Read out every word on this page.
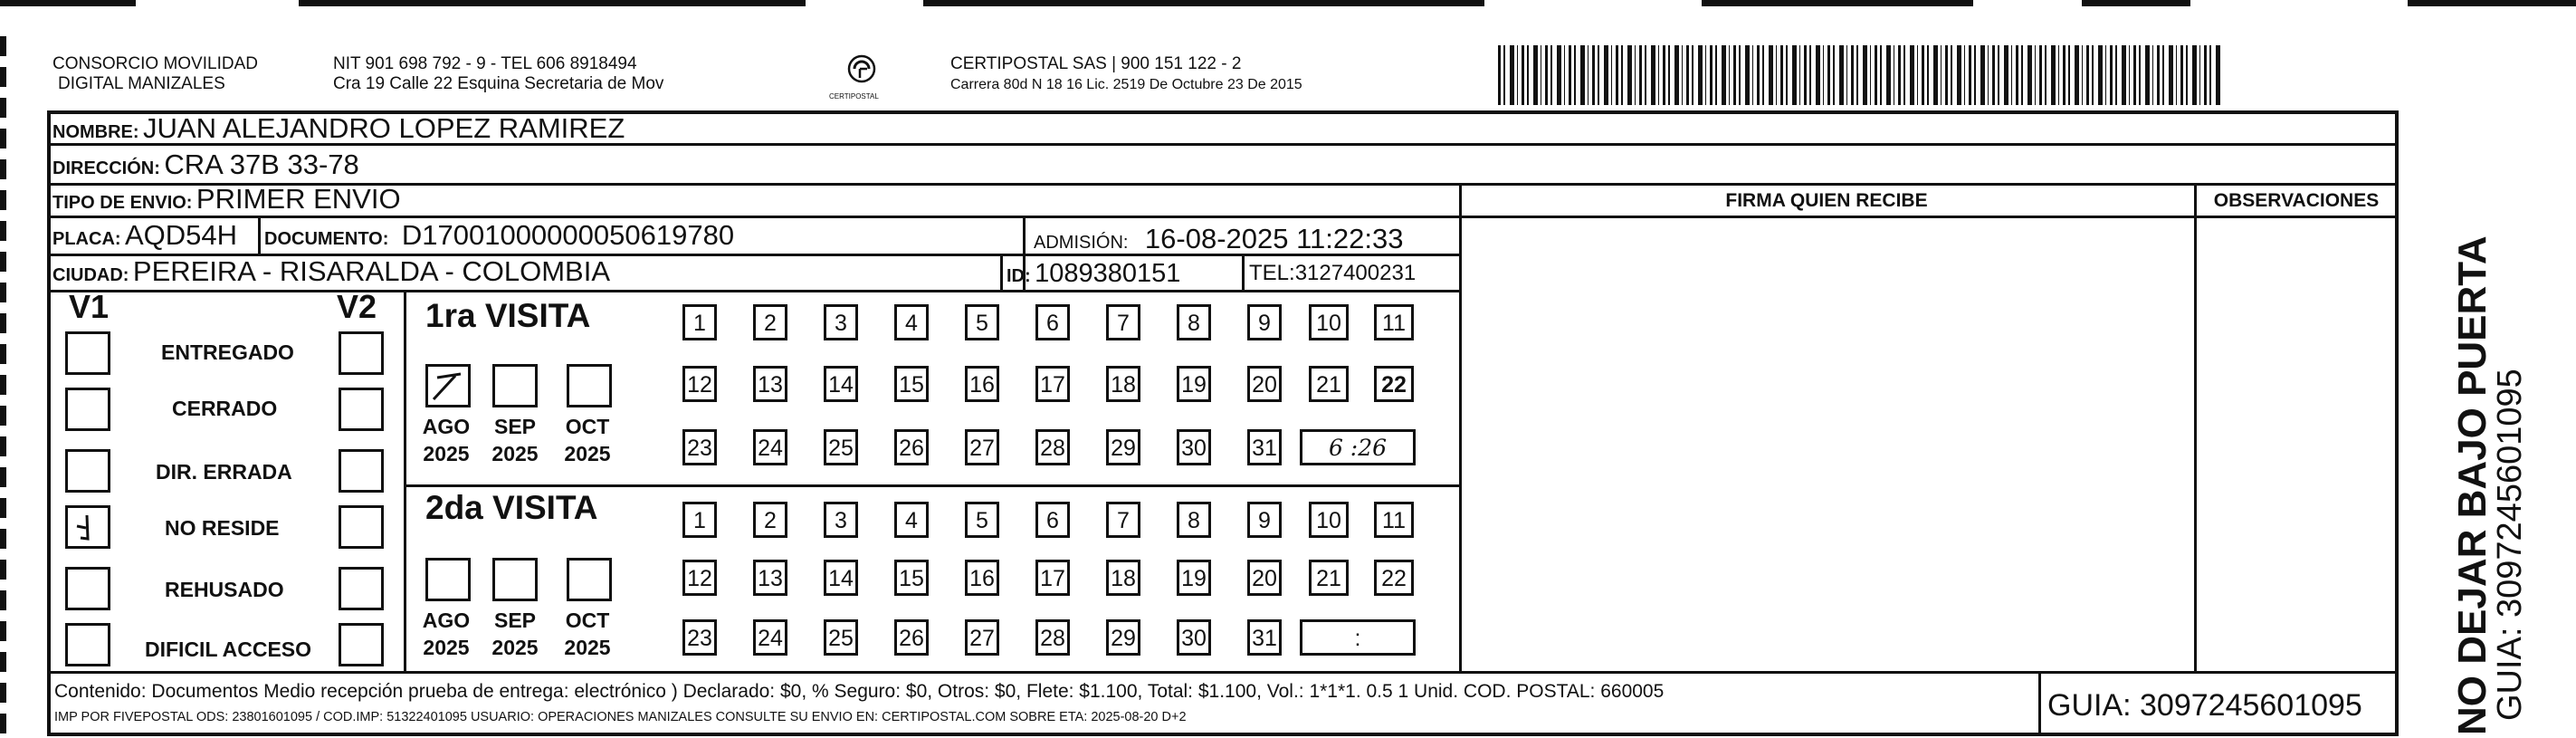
CONSORCIO MOVILIDAD
DIGITAL MANIZALES
NIT 901 698 792 - 9 - TEL 606 8918494
Cra 19 Calle 22 Esquina Secretaria de Mov
CERTIPOSTAL
CERTIPOSTAL SAS | 900 151 122 - 2
Carrera 80d N 18 16 Lic. 2519 De Octubre 23 De 2015
NOMBRE: JUAN ALEJANDRO LOPEZ RAMIREZ
DIRECCIÓN: CRA 37B 33-78
TIPO DE ENVIO: PRIMER ENVIO	FIRMA QUIEN RECIBE	OBSERVACIONES
PLACA: AQD54H DOCUMENTO: D17001000000050619780	ADMISIÓN: 16-08-2025 11:22:33
CIUDAD: PEREIRA - RISARALDA - COLOMBIA	ID: 1089380151	TEL:3127400231
V1	V2
ENTREGADO
CERRADO
DIR. ERRADA
NO RESIDE
REHUSADO
DIFICIL ACCESO
1ra VISITA
AGO	SEP	OCT
2025 2025 2025
1	2	3	4	5	6	7	8	9	10	11
12 13 14 15 16 17 18 19 20	21	22
23 24 25 26 27 28 29 30 31	6 :26
2da VISITA
AGO	SEP	OCT
2025 2025 2025
1	2	3	4	5	6	7	8	9	10	11
12 13 14 15 16 17 18 19 20	21	22
23 24 25 26 27 28 29 30 31	:
Contenido: Documentos Medio recepción prueba de entrega: electrónico ) Declarado: $0, % Seguro: $0, Otros: $0, Flete: $1.100, Total: $1.100, Vol.: 1*1*1. 0.5 1 Unid. COD. POSTAL: 660005
IMP POR FIVEPOSTAL ODS: 23801601095 / COD.IMP: 51322401095 USUARIO: OPERACIONES MANIZALES CONSULTE SU ENVIO EN: CERTIPOSTAL.COM SOBRE ETA: 2025-08-20 D+2	GUIA: 3097245601095 NO DEJAR BAJO PUERTA
GUIA: 3097245601095
